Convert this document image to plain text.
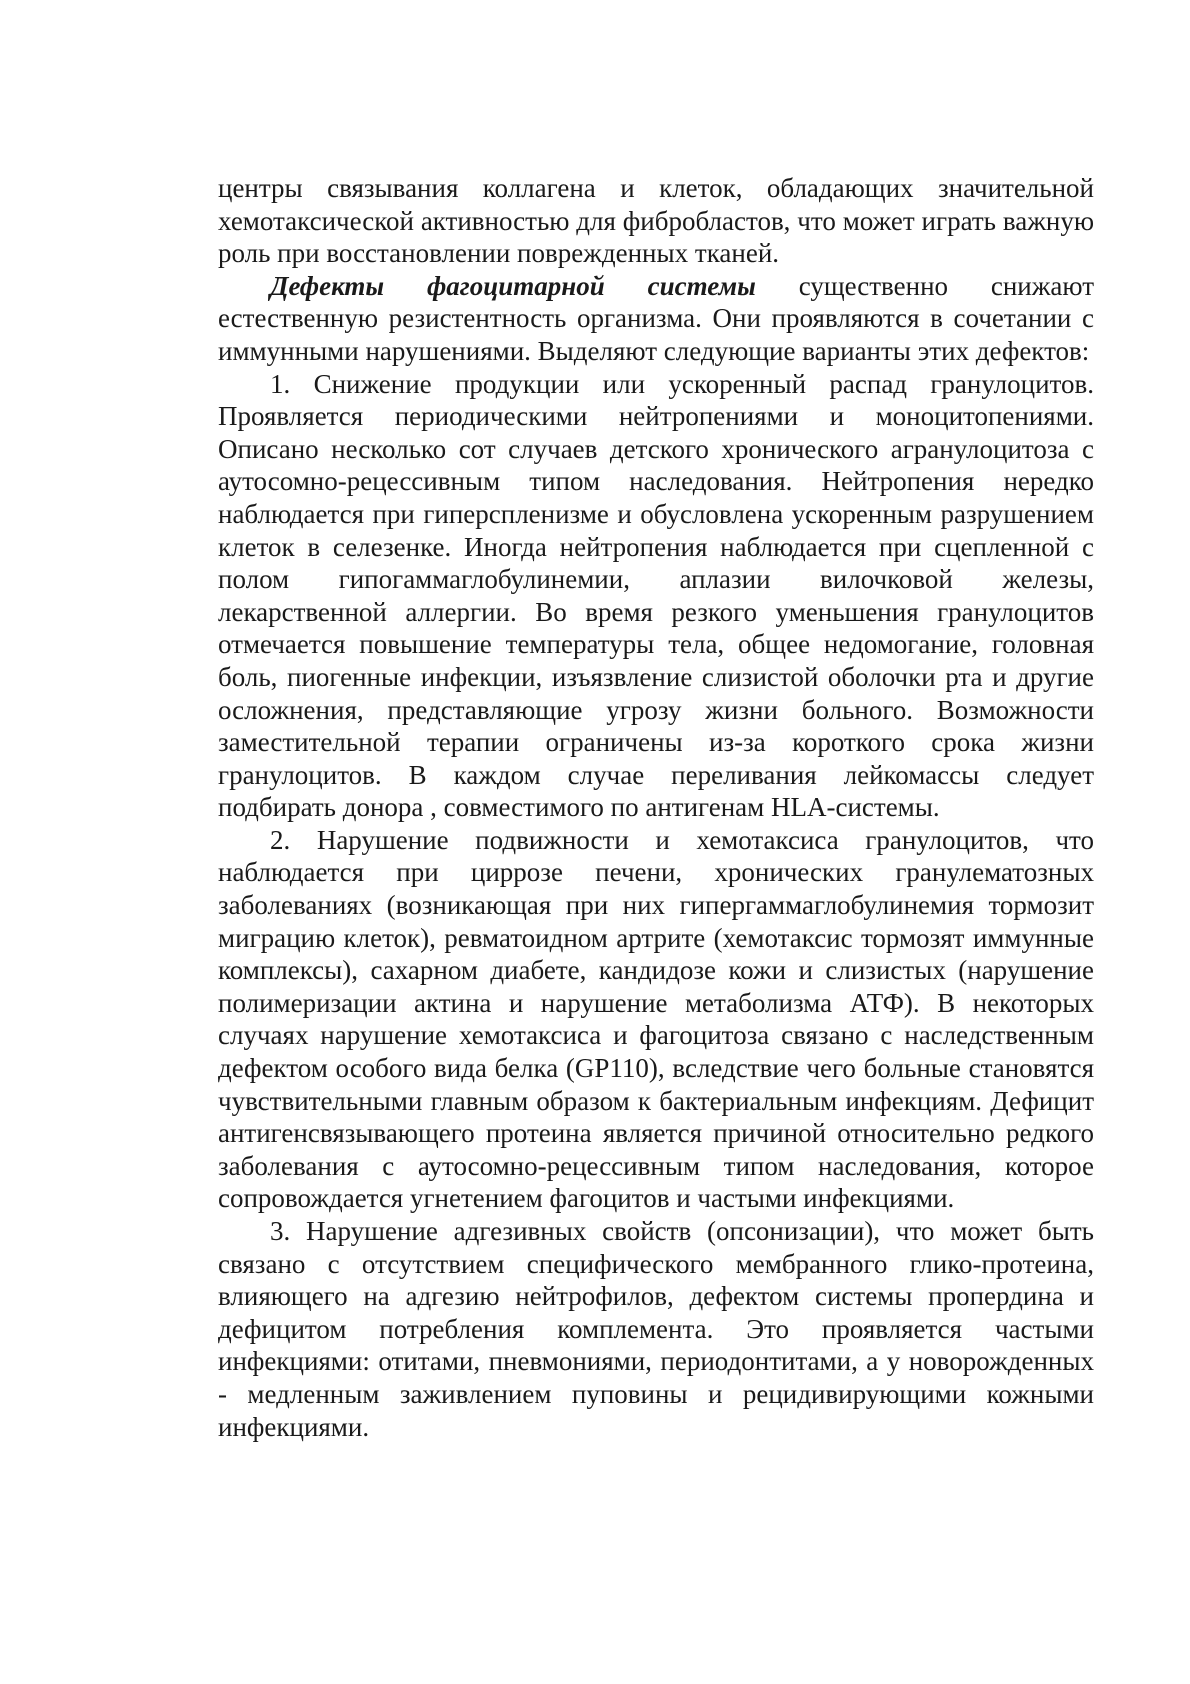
центры связывания коллагена и клеток, обладающих значительной хемотаксической активностью для фибробластов, что может играть важную роль при восстановлении поврежденных тканей.

Дефекты фагоцитарной системы существенно снижают естественную резистентность организма. Они проявляются в сочетании с иммунными нарушениями. Выделяют следующие варианты этих дефектов:

1. Снижение продукции или ускоренный распад гранулоцитов. Проявляется периодическими нейтропениями и моноцитопениями. Описано несколько сот случаев детского хронического агранулоцитоза с аутосомно-рецессивным типом наследования. Нейтропения нередко наблюдается при гиперспленизме и обусловлена ускоренным разрушением клеток в селезенке. Иногда нейтропения наблюдается при сцепленной с полом гипогаммаглобулинемии, аплазии вилочковой железы, лекарственной аллергии. Во время резкого уменьшения гранулоцитов отмечается повышение температуры тела, общее недомогание, головная боль, пиогенные инфекции, изъязвление слизистой оболочки рта и другие осложнения, представляющие угрозу жизни больного. Возможности заместительной терапии ограничены из-за короткого срока жизни гранулоцитов. В каждом случае переливания лейкомассы следует подбирать донора , совместимого по антигенам HLA-системы.

2. Нарушение подвижности и хемотаксиса гранулоцитов, что наблюдается при циррозе печени, хронических гранулематозных заболеваниях (возникающая при них гипергаммаглобулинемия тормозит миграцию клеток), ревматоидном артрите (хемотаксис тормозят иммунные комплексы), сахарном диабете, кандидозе кожи и слизистых (нарушение полимеризации актина и нарушение метаболизма АТФ). В некоторых случаях нарушение хемотаксиса и фагоцитоза связано с наследственным дефектом особого вида белка (GP110), вследствие чего больные становятся чувствительными главным образом к бактериальным инфекциям. Дефицит антигенсвязывающего протеина является причиной относительно редкого заболевания с аутосомно-рецессивным типом наследования, которое сопровождается угнетением фагоцитов и частыми инфекциями.

3. Нарушение адгезивных свойств (опсонизации), что может быть связано с отсутствием специфического мембранного глико-протеина, влияющего на адгезию нейтрофилов, дефектом системы пропердина и дефицитом потребления комплемента. Это проявляется частыми инфекциями: отитами, пневмониями, периодонтитами, а у новорожденных - медленным заживлением пуповины и рецидивирующими кожными инфекциями.
